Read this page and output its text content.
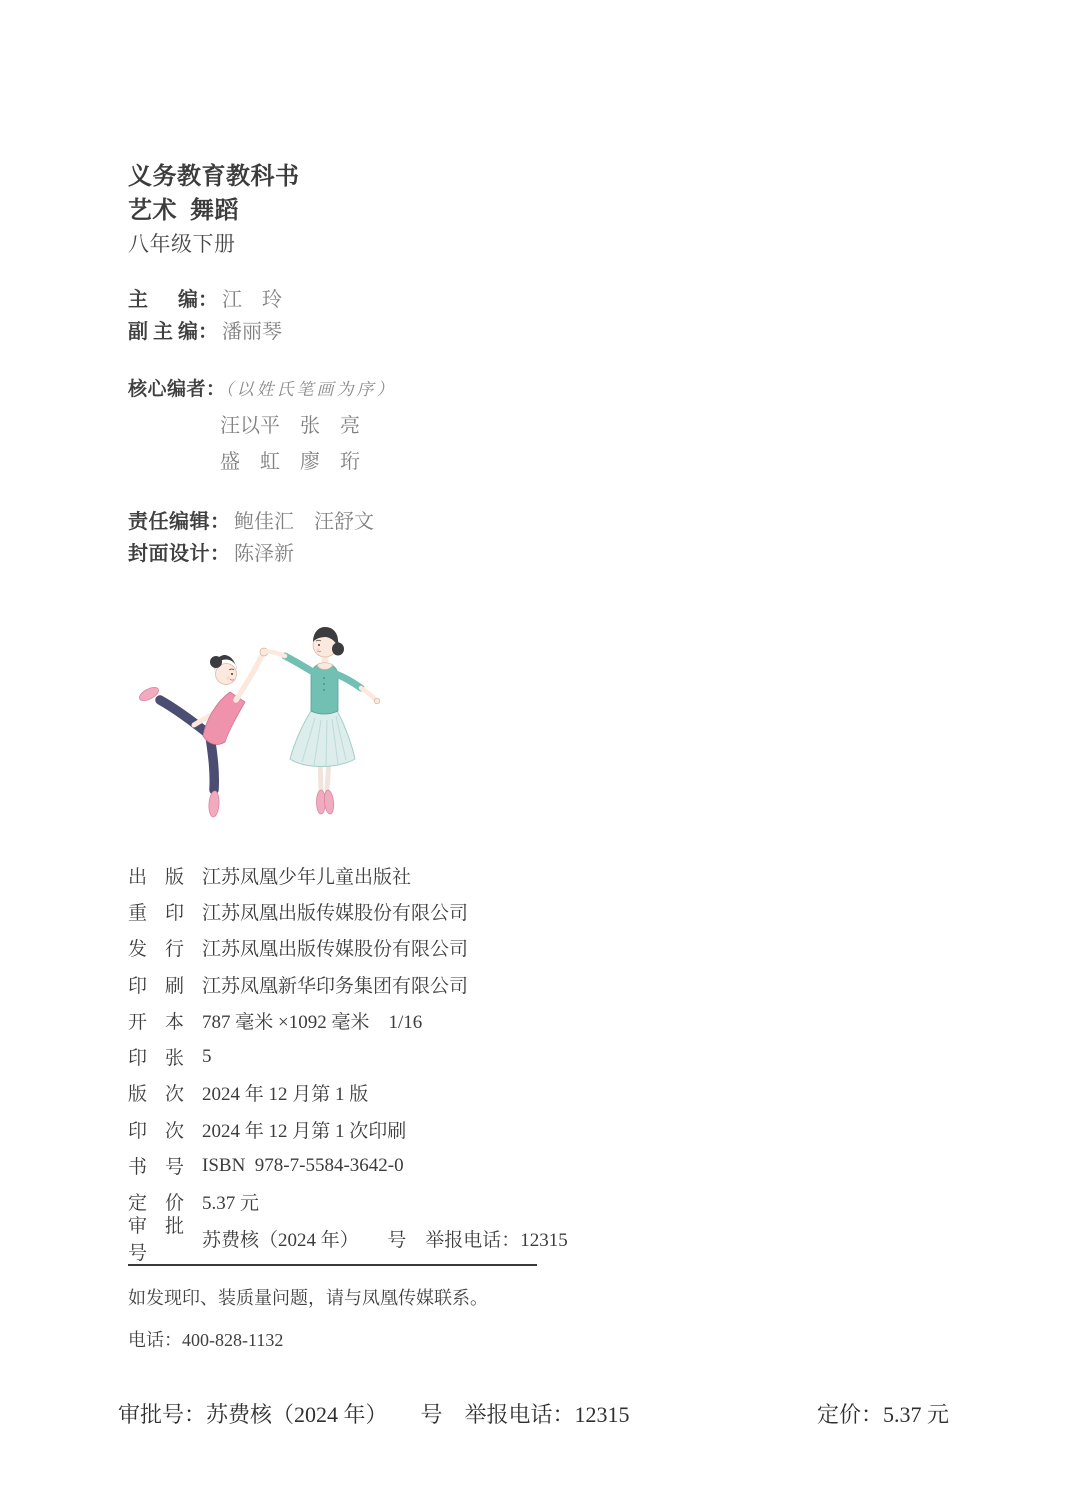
义务教育教科书
艺术  舞蹈
八年级下册
主编： 江　玲
副主编： 潘丽琴
核心编者：（以姓氏笔画为序）
汪以平　张　亮
盛　虹　廖　珩
责任编辑： 鲍佳汇　汪舒文
封面设计： 陈泽新
出版 江苏凤凰少年儿童出版社
重印 江苏凤凰出版传媒股份有限公司
发行 江苏凤凰出版传媒股份有限公司
印刷 江苏凤凰新华印务集团有限公司
开本 787 毫米 ×1092 毫米　1/16
印张 5
版次 2024 年 12 月第 1 版
印次 2024 年 12 月第 1 次印刷
书号 ISBN  978-7-5584-3642-0
定价 5.37 元
审批号
苏费核（2024 年）　　号　举报电话：12315
如发现印、装质量问题，请与凤凰传媒联系。
电话：400-828-1132
审批号：苏费核（2024 年）　　号　举报电话：12315	定价：5.37 元
